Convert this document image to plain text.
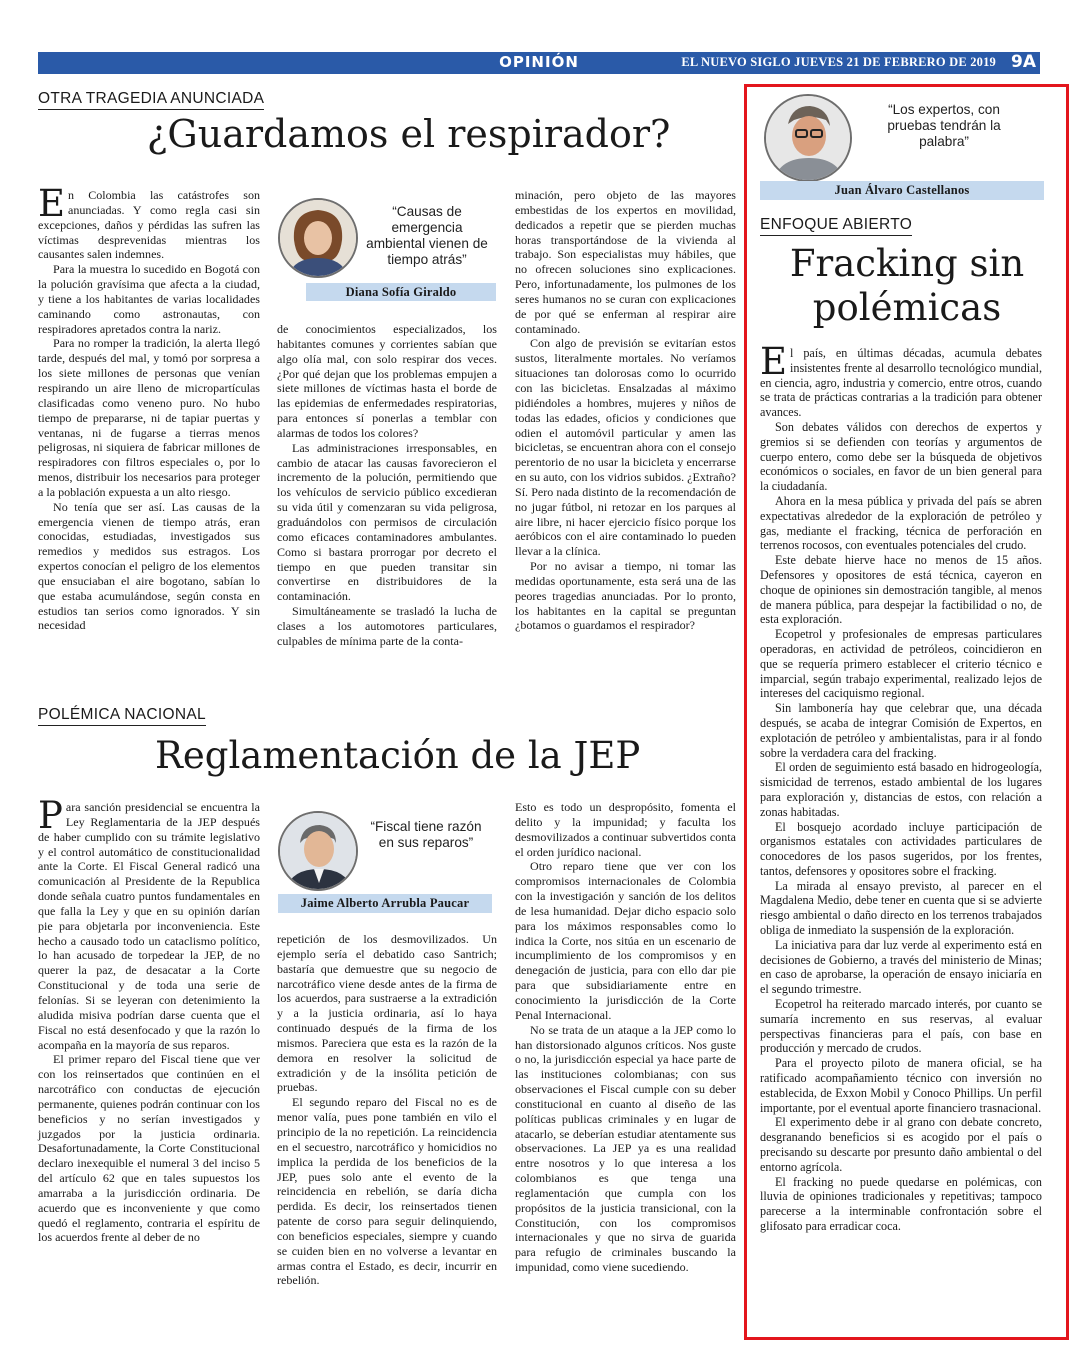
OPINIÓN	EL NUEVO SIGLO JUEVES 21 DE FEBRERO DE 2019 9A
OTRA TRAGEDIA ANUNCIADA
¿Guardamos el respirador?

En Colombia las catástrofes son anunciadas. Y como regla casi sin excepciones, daños y pérdidas las sufren las víctimas desprevenidas mientras los causantes salen indemnes.

Para la muestra lo sucedido en Bogotá con la polución gravísima que afecta a la ciudad, y tiene a los habitantes de varias localidades caminando como astronautas, con respiradores apretados contra la nariz.

Para no romper la tradición, la alerta llegó tarde, después del mal, y tomó por sorpresa a los siete millones de personas que venían respirando un aire lleno de micropartículas clasificadas como veneno puro. No hubo tiempo de prepararse, ni de tapiar puertas y ventanas, ni de fugarse a tierras menos peligrosas, ni siquiera de fabricar millones de respiradores con filtros especiales o, por lo menos, distribuir los necesarios para proteger a la población expuesta a un alto riesgo.

No tenía que ser así. Las causas de la emergencia vienen de tiempo atrás, eran conocidas, estudiadas, investigados sus remedios y medidos sus estragos. Los expertos conocían el peligro de los elementos que ensuciaban el aire bogotano, sabían lo que estaba acumulándose, según consta en estudios tan serios como ignorados. Y sin necesidad

“Causas de emergencia ambiental vienen de tiempo atrás”
Diana Sofía Giraldo

de conocimientos especializados, los habitantes comunes y corrientes sabían que algo olía mal, con solo respirar dos veces. ¿Por qué dejan que los problemas empujen a siete millones de víctimas hasta el borde de las epidemias de enfermedades respiratorias, para entonces sí ponerlas a temblar con alarmas de todos los colores?

Las administraciones irresponsables, en cambio de atacar las causas favorecieron el incremento de la polución, permitiendo que los vehículos de servicio público excedieran su vida útil y comenzaran su vida peligrosa, graduándolos con permisos de circulación como eficaces contaminadores ambulantes. Como si bastara prorrogar por decreto el tiempo en que pueden transitar sin convertirse en distribuidores de la contaminación.

Simultáneamente se trasladó la lucha de clases a los automotores particulares, culpables de mínima parte de la conta-

minación, pero objeto de las mayores embestidas de los expertos en movilidad, dedicados a repetir que se pierden muchas horas transportándose de la vivienda al trabajo. Son especialistas muy hábiles, que no ofrecen soluciones sino explicaciones. Pero, infortunadamente, los pulmones de los seres humanos no se curan con explicaciones de por qué se enferman al respirar aire contaminado.

Con algo de previsión se evitarían estos sustos, literalmente mortales. No veríamos situaciones tan dolorosas como lo ocurrido con las bicicletas. Ensalzadas al máximo pidiéndoles a hombres, mujeres y niños de todas las edades, oficios y condiciones que odien el automóvil particular y amen las bicicletas, se encuentran ahora con el consejo perentorio de no usar la bicicleta y encerrarse en su auto, con los vidrios subidos. ¿Extraño? Sí. Pero nada distinto de la recomendación de no jugar fútbol, ni retozar en los parques al aire libre, ni hacer ejercicio físico porque los aeróbicos con el aire contaminado lo pueden llevar a la clínica.

Por no avisar a tiempo, ni tomar las medidas oportunamente, esta será una de las peores tragedias anunciadas. Por lo pronto, los habitantes en la capital se preguntan ¿botamos o guardamos el respirador?

POLÉMICA NACIONAL
Reglamentación de la JEP

Para sanción presidencial se encuentra la Ley Reglamentaria de la JEP después de haber cumplido con su trámite legislativo y el control automático de constitucionalidad ante la Corte. El Fiscal General radicó una comunicación al Presidente de la Republica donde señala cuatro puntos fundamentales en que falla la Ley y que en su opinión darían pie para objetarla por inconveniencia. Este hecho a causado todo un cataclismo político, lo han acusado de torpedear la JEP, de no querer la paz, de desacatar a la Corte Constitucional y de toda una serie de felonías. Si se leyeran con detenimiento la aludida misiva podrían darse cuenta que el Fiscal no está desenfocado y que la razón lo acompaña en la mayoría de sus reparos.

El primer reparo del Fiscal tiene que ver con los reinsertados que continúen en el narcotráfico con conductas de ejecución permanente, quienes podrán continuar con los beneficios y no serían investigados y juzgados por la justicia ordinaria. Desafortunadamente, la Corte Constitucional declaro inexequible el numeral 3 del inciso 5 del artículo 62 que en tales supuestos los amarraba a la jurisdicción ordinaria. De acuerdo que es inconveniente y que como quedó el reglamento, contraria el espíritu de los acuerdos frente al deber de no

“Fiscal tiene razón en sus reparos”
Jaime Alberto Arrubla Paucar

repetición de los desmovilizados. Un ejemplo sería el debatido caso Santrich; bastaría que demuestre que su negocio de narcotráfico viene desde antes de la firma de los acuerdos, para sustraerse a la extradición y a la justicia ordinaria, así lo haya continuado después de la firma de los mismos. Pareciera que esta es la razón de la demora en resolver la solicitud de extradición y de la insólita petición de pruebas.

El segundo reparo del Fiscal no es de menor valía, pues pone también en vilo el principio de la no repetición. La reincidencia en el secuestro, narcotráfico y homicidios no implica la perdida de los beneficios de la JEP, pues solo ante el evento de la reincidencia en rebelión, se daría dicha perdida. Es decir, los reinsertados tienen patente de corso para seguir delinquiendo, con beneficios especiales, siempre y cuando se cuiden bien en no volverse a levantar en armas contra el Estado, es decir, incurrir en rebelión.

Esto es todo un despropósito, fomenta el delito y la impunidad; y faculta los desmovilizados a continuar subvertidos conta el orden jurídico nacional.

Otro reparo tiene que ver con los compromisos internacionales de Colombia con la investigación y sanción de los delitos de lesa humanidad. Dejar dicho espacio solo para los máximos responsables como lo indica la Corte, nos sitúa en un escenario de incumplimiento de los compromisos y en denegación de justicia, para con ello dar pie para que subsidiariamente entre en conocimiento la jurisdicción de la Corte Penal Internacional.

No se trata de un ataque a la JEP como lo han distorsionado algunos críticos. Nos guste o no, la jurisdicción especial ya hace parte de las instituciones colombianas; con sus observaciones el Fiscal cumple con su deber constitucional en cuanto al diseño de las políticas publicas criminales y en lugar de atacarlo, se deberían estudiar atentamente sus observaciones. La JEP ya es una realidad entre nosotros y lo que interesa a los colombianos es que tenga una reglamentación que cumpla con los propósitos de la justicia transicional, con la Constitución, con los compromisos internacionales y que no sirva de guarida para refugio de criminales buscando la impunidad, como viene sucediendo.

“Los expertos, con pruebas tendrán la palabra”
Juan Álvaro Castellanos
ENFOQUE ABIERTO
Fracking sin
polémicas

El país, en últimas décadas, acumula debates insistentes frente al desarrollo tecnológico mundial, en ciencia, agro, industria y comercio, entre otros, cuando se trata de prácticas contrarias a la tradición para obtener avances.

Son debates válidos con derechos de expertos y gremios si se defienden con teorías y argumentos de cuerpo entero, como debe ser la búsqueda de objetivos económicos o sociales, en favor de un bien general para la ciudadanía.

Ahora en la mesa pública y privada del país se abren expectativas alrededor de la exploración de petróleo y gas, mediante el fracking, técnica de perforación en terrenos rocosos, con eventuales potenciales del crudo.

Este debate hierve hace no menos de 15 años. Defensores y opositores de está técnica, cayeron en choque de opiniones sin demostración tangible, al menos de manera pública, para despejar la factibilidad o no, de esta exploración.

Ecopetrol y profesionales de empresas particulares operadoras, en actividad de petróleos, coincidieron en que se requería primero establecer el criterio técnico e imparcial, según trabajo experimental, realizado lejos de intereses del caciquismo regional.

Sin lambonería hay que celebrar que, una década después, se acaba de integrar Comisión de Expertos, en explotación de petróleo y ambientalistas, para ir al fondo sobre la verdadera cara del fracking.

El orden de seguimiento está basado en hidrogeología, sismicidad de terrenos, estado ambiental de los lugares para exploración y, distancias de estos, con relación a zonas habitadas.

El bosquejo acordado incluye participación de organismos estatales con actividades particulares de conocedores de los pasos sugeridos, por los frentes, tantos, defensores y opositores sobre el fracking.

La mirada al ensayo previsto, al parecer en el Magdalena Medio, debe tener en cuenta que si se advierte riesgo ambiental o daño directo en los terrenos trabajados obliga de inmediato la suspensión de la exploración.

La iniciativa para dar luz verde al experimento está en decisiones de Gobierno, a través del ministerio de Minas; en caso de aprobarse, la operación de ensayo iniciaría en el segundo trimestre.

Ecopetrol ha reiterado marcado interés, por cuanto se sumaría incremento en sus reservas, al evaluar perspectivas financieras para el país, con base en producción y mercado de crudos.

Para el proyecto piloto de manera oficial, se ha ratificado acompañamiento técnico con inversión no establecida, de Exxon Mobil y Conoco Phillips. Un perfil importante, por el eventual aporte financiero trasnacional.

El experimento debe ir al grano con debate concreto, desgranando beneficios si es acogido por el país o precisando su descarte por presunto daño ambiental o del entorno agrícola.

El fracking no puede quedarse en polémicas, con lluvia de opiniones tradicionales y repetitivas; tampoco parecerse a la interminable confrontación sobre el glifosato para erradicar coca.
